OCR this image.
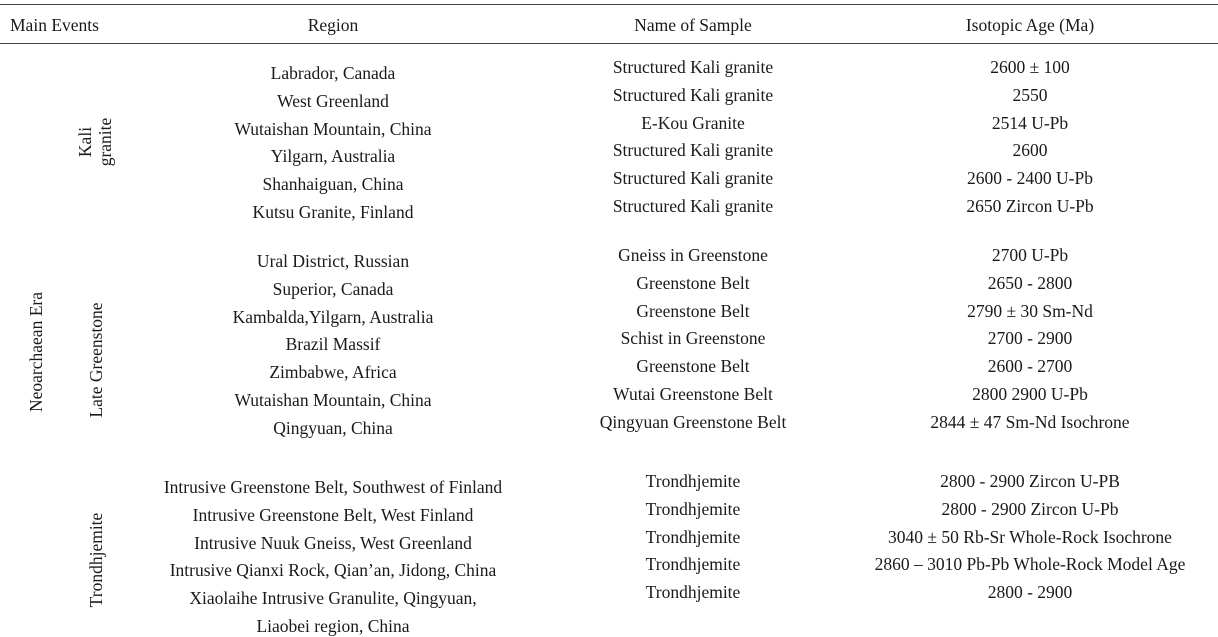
Main Events	Region	Name of Sample	Isotopic Age (Ma)
Neoarchaean Era
Kali granite
Labrador, Canada	Structured Kali granite	2600 ± 100
West Greenland	Structured Kali granite	2550
Wutaishan Mountain, China	E-Kou Granite	2514 U-Pb
Yilgarn, Australia	Structured Kali granite	2600
Shanhaiguan, China	Structured Kali granite	2600 - 2400 U-Pb
Kutsu Granite, Finland	Structured Kali granite	2650 Zircon U-Pb
Late Greenstone
Ural District, Russian	Gneiss in Greenstone	2700 U-Pb
Superior, Canada	Greenstone Belt	2650 - 2800
Kambalda,Yilgarn, Australia	Greenstone Belt	2790 ± 30 Sm-Nd
Brazil Massif	Schist in Greenstone	2700 - 2900
Zimbabwe, Africa	Greenstone Belt	2600 - 2700
Wutaishan Mountain, China	Wutai Greenstone Belt	2800 2900 U-Pb
Qingyuan, China	Qingyuan Greenstone Belt	2844 ± 47 Sm-Nd Isochrone
Trondhjemite
Intrusive Greenstone Belt, Southwest of Finland	Trondhjemite	2800 - 2900 Zircon U-PB
Intrusive Greenstone Belt, West Finland	Trondhjemite	2800 - 2900 Zircon U-Pb
Intrusive Nuuk Gneiss, West Greenland	Trondhjemite	3040 ± 50 Rb-Sr Whole-Rock Isochrone
Intrusive Qianxi Rock, Qian’an, Jidong, China	Trondhjemite	2860 – 3010 Pb-Pb Whole-Rock Model Age
Xiaolaihe Intrusive Granulite, Qingyuan,	Trondhjemite	2800 - 2900
Liaobei region, China
